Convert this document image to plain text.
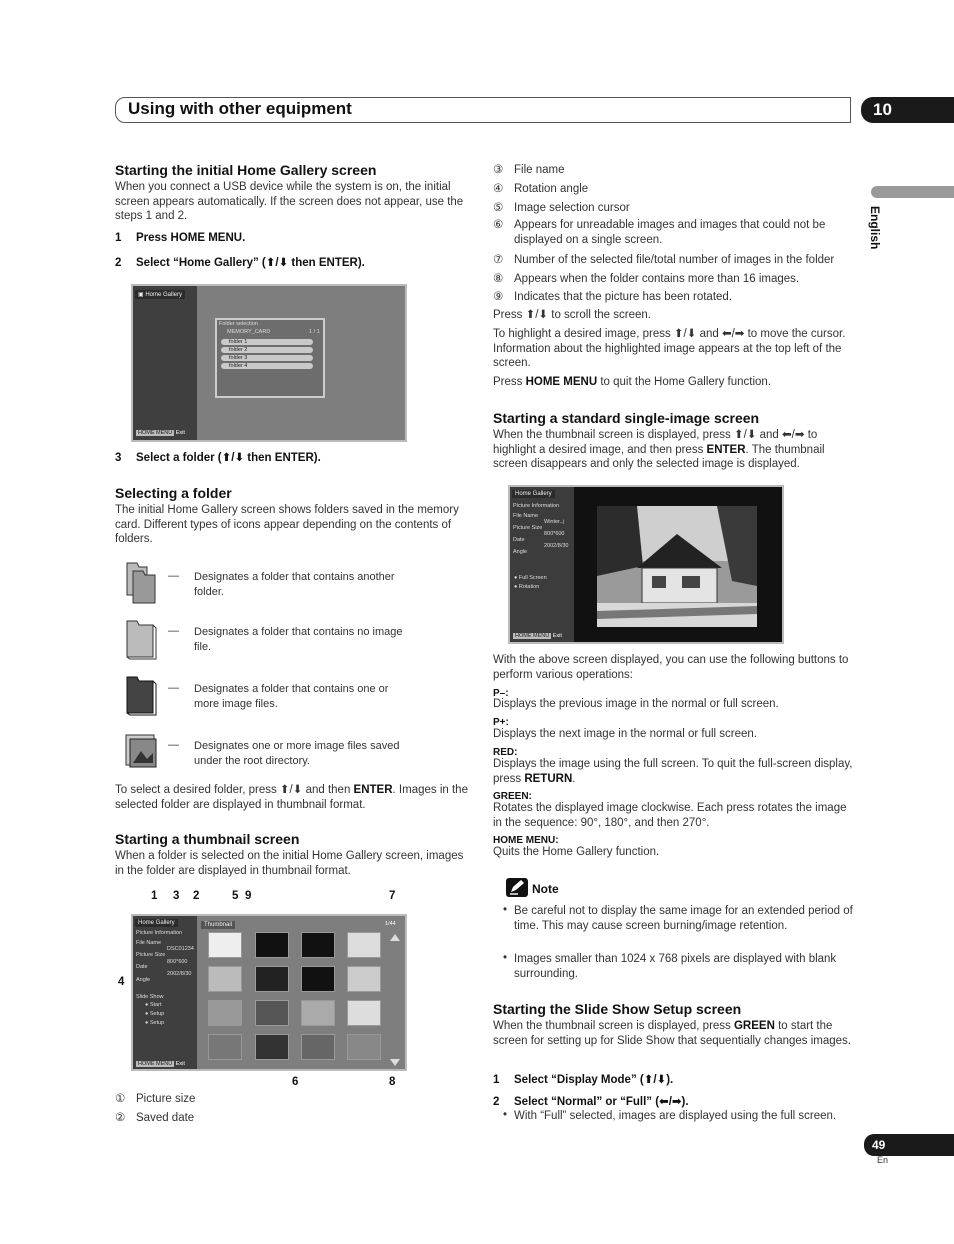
Using with other equipment	10
English
Starting the initial Home Gallery screen

When you connect a USB device while the system is on, the initial screen appears automatically. If the screen does not appear, use the steps 1 and 2.

1 Press HOME MENU.
2 Select “Home Gallery” (⬆/⬇ then ENTER).
▣ Home Gallery
Folder selection
MEMORY_CARD	1 / 1
folder 1
folder 2
folder 3
folder 4
HOME MENU Exit
3 Select a folder (⬆/⬇ then ENTER).
Selecting a folder

The initial Home Gallery screen shows folders saved in the memory card. Different types of icons appear depending on the contents of folders.

— Designates a folder that contains another folder.
— Designates a folder that contains no image file.
— Designates a folder that contains one or more image files.
— Designates one or more image files saved under the root directory.

To select a desired folder, press ⬆/⬇ and then ENTER. Images in the selected folder are displayed in thumbnail format.

Starting a thumbnail screen

When a folder is selected on the initial Home Gallery screen, images in the folder are displayed in thumbnail format.

1 3 2	5 9	7
4
6	8
Home Gallery	Thumbnail	1/44
Picture Information
File Name
DSC01234
Picture Size
800*600
Date
2002/8/30
Angle
Slide Show
● Start
● Setup
● Setup
HOME MENU Exit
① Picture size
② Saved date
③ File name
④ Rotation angle
⑤ Image selection cursor
⑥ Appears for unreadable images and images that could not be displayed on a single screen.
⑦ Number of the selected file/total number of images in the folder
⑧ Appears when the folder contains more than 16 images.
⑨ Indicates that the picture has been rotated.

Press ⬆/⬇ to scroll the screen.

To highlight a desired image, press ⬆/⬇ and ⬅/➡ to move the cursor. Information about the highlighted image appears at the top left of the screen.

Press HOME MENU to quit the Home Gallery function.

Starting a standard single-image screen

When the thumbnail screen is displayed, press ⬆/⬇ and ⬅/➡ to highlight a desired image, and then press ENTER. The thumbnail screen disappears and only the selected image is displayed.

Home Gallery
Picture Information
File Name
Winter..j
Picture Size
800*600
Date
2002/8/30
Angle
● Full Screen
● Rotation
HOME MENU Exit

With the above screen displayed, you can use the following buttons to perform various operations:

P–:

Displays the previous image in the normal or full screen.

P+:

Displays the next image in the normal or full screen.

RED:

Displays the image using the full screen. To quit the full-screen display, press RETURN.

GREEN:

Rotates the displayed image clockwise. Each press rotates the image in the sequence: 90°, 180°, and then 270°.

HOME MENU:

Quits the Home Gallery function.

Note
• Be careful not to display the same image for an extended period of time. This may cause screen burning/image retention.

• Images smaller than 1024 x 768 pixels are displayed with blank surrounding.

Starting the Slide Show Setup screen

When the thumbnail screen is displayed, press GREEN to start the screen for setting up for Slide Show that sequentially changes images.

1 Select “Display Mode” (⬆/⬇).
2 Select “Normal” or “Full” (⬅/➡).
• With “Full” selected, images are displayed using the full screen.

49
En
